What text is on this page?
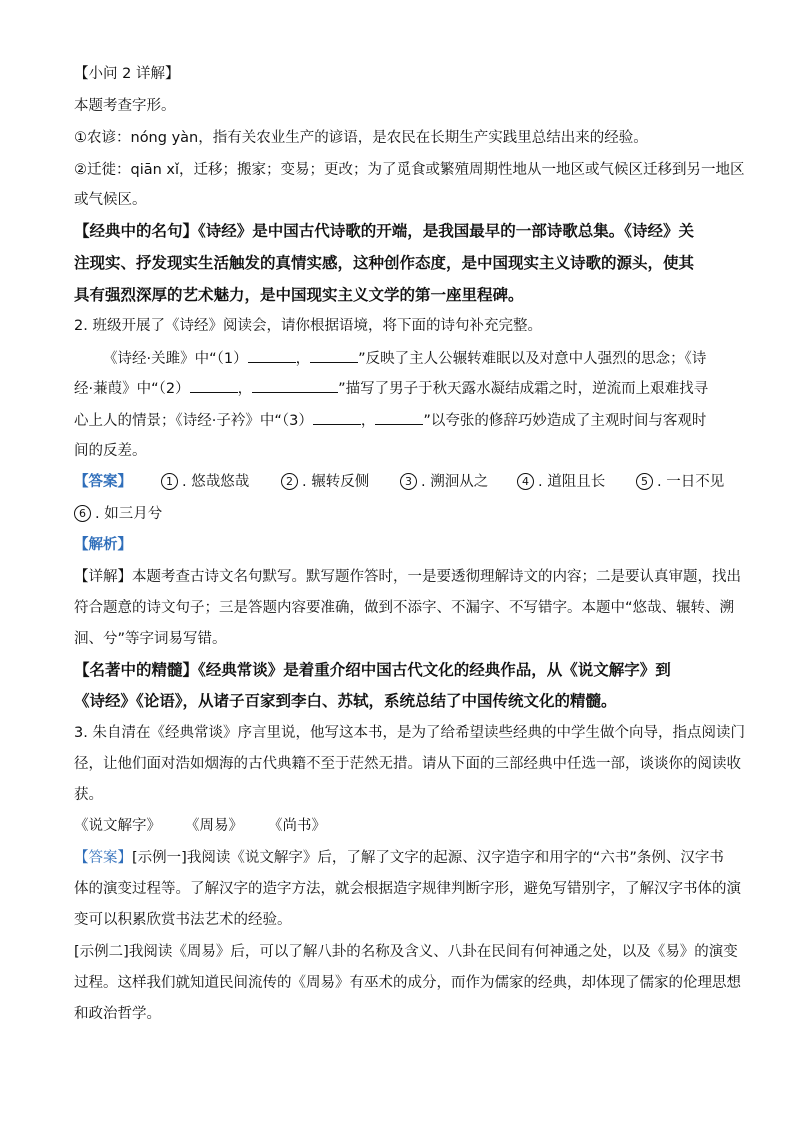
【小问 2 详解】
本题考查字形。
①农谚：nóng yàn，指有关农业生产的谚语，是农民在长期生产实践里总结出来的经验。
②迁徙：qiān xǐ，迁移；搬家；变易；更改；为了觅食或繁殖周期性地从一地区或气候区迁移到另一地区
或气候区。
【经典中的名句】《诗经》是中国古代诗歌的开端，是我国最早的一部诗歌总集。《诗经》关
注现实、抒发现实生活触发的真情实感，这种创作态度，是中国现实主义诗歌的源头，使其
具有强烈深厚的艺术魅力，是中国现实主义文学的第一座里程碑。
2. 班级开展了《诗经》阅读会，请你根据语境，将下面的诗句补充完整。
《诗经·关雎》中“（1）	，	”反映了主人公辗转难眠以及对意中人强烈的思念；《诗
经·蒹葭》中“（2）	，	”描写了男子于秋天露水凝结成霜之时，逆流而上艰难找寻
心上人的情景；《诗经·子衿》中“（3）	，	”以夸张的修辞巧妙造成了主观时间与客观时
间的反差。
【答案】	1 . 悠哉悠哉	2 . 辗转反侧	3 . 溯洄从之	4 . 道阻且长	5 . 一日不见
6 . 如三月兮
【解析】
【详解】本题考查古诗文名句默写。默写题作答时，一是要透彻理解诗文的内容；二是要认真审题，找出
符合题意的诗文句子；三是答题内容要准确，做到不添字、不漏字、不写错字。本题中“悠哉、辗转、溯
洄、兮”等字词易写错。
【名著中的精髓】《经典常谈》是着重介绍中国古代文化的经典作品，从《说文解字》到
《诗经》《论语》，从诸子百家到李白、苏轼，系统总结了中国传统文化的精髓。
3. 朱自清在《经典常谈》序言里说，他写这本书，是为了给希望读些经典的中学生做个向导，指点阅读门
径，让他们面对浩如烟海的古代典籍不至于茫然无措。请从下面的三部经典中任选一部，谈谈你的阅读收
获。
《说文解字》 《周易》 《尚书》
【答案】[示例一]我阅读《说文解字》后，了解了文字的起源、汉字造字和用字的“六书”条例、汉字书
体的演变过程等。了解汉字的造字方法，就会根据造字规律判断字形，避免写错别字，了解汉字书体的演
变可以积累欣赏书法艺术的经验。
[示例二]我阅读《周易》后，可以了解八卦的名称及含义、八卦在民间有何神通之处，以及《易》的演变
过程。这样我们就知道民间流传的《周易》有巫术的成分，而作为儒家的经典，却体现了儒家的伦理思想
和政治哲学。
